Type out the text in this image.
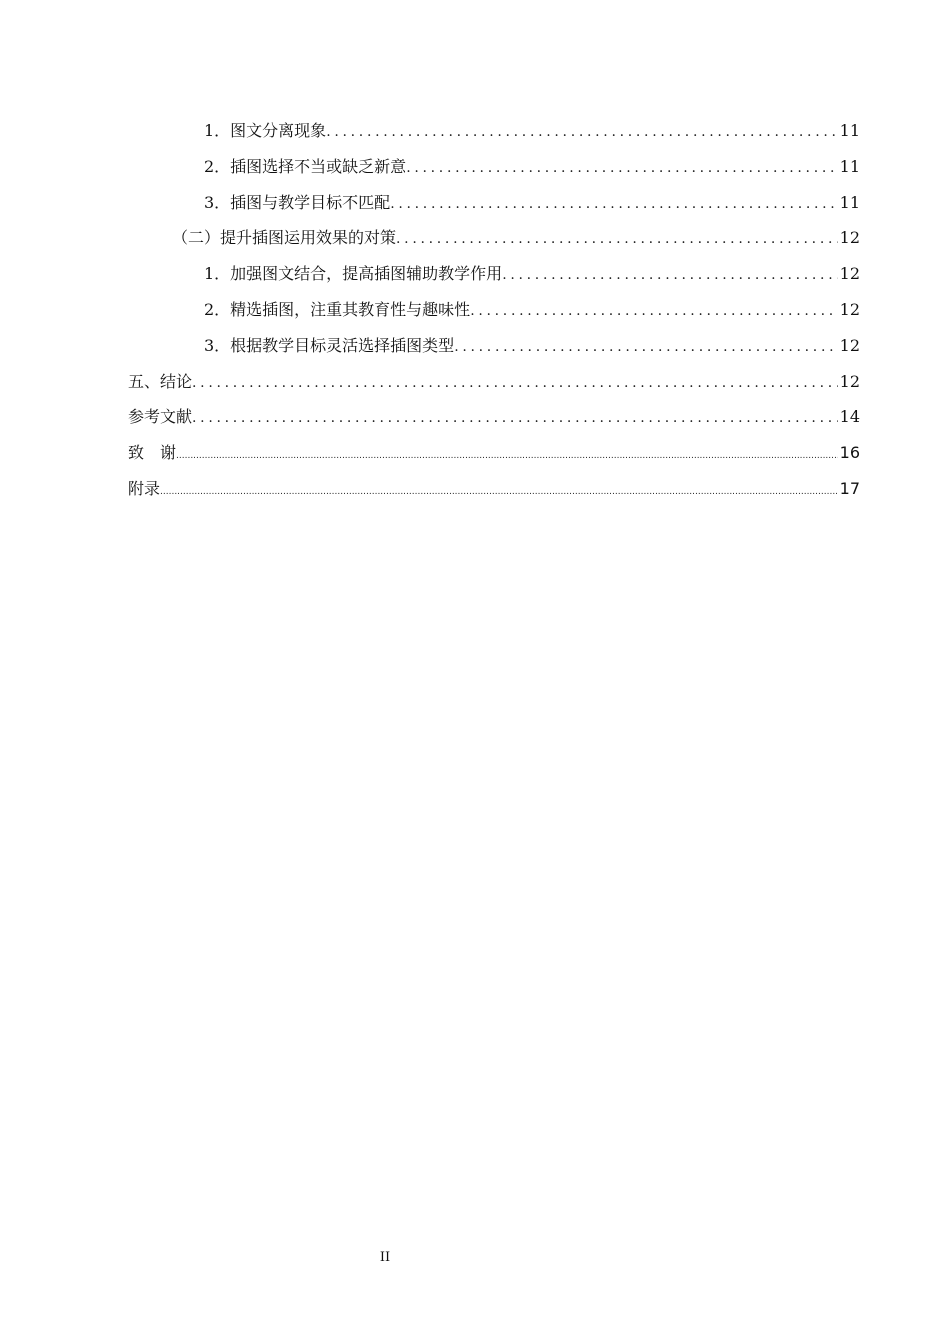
1．图文分离现象 .....	11
2．插图选择不当或缺乏新意 .....	11
3．插图与教学目标不匹配 .....	11
（二）提升插图运用效果的对策 .....	12
1．加强图文结合，提高插图辅助教学作用 .....	12
2．精选插图，注重其教育性与趣味性 .....	12
3．根据教学目标灵活选择插图类型 .....	12
五、结论 .....	12
参考文献 .....	14
致　谢 .....	16
附录 .....	17
II
